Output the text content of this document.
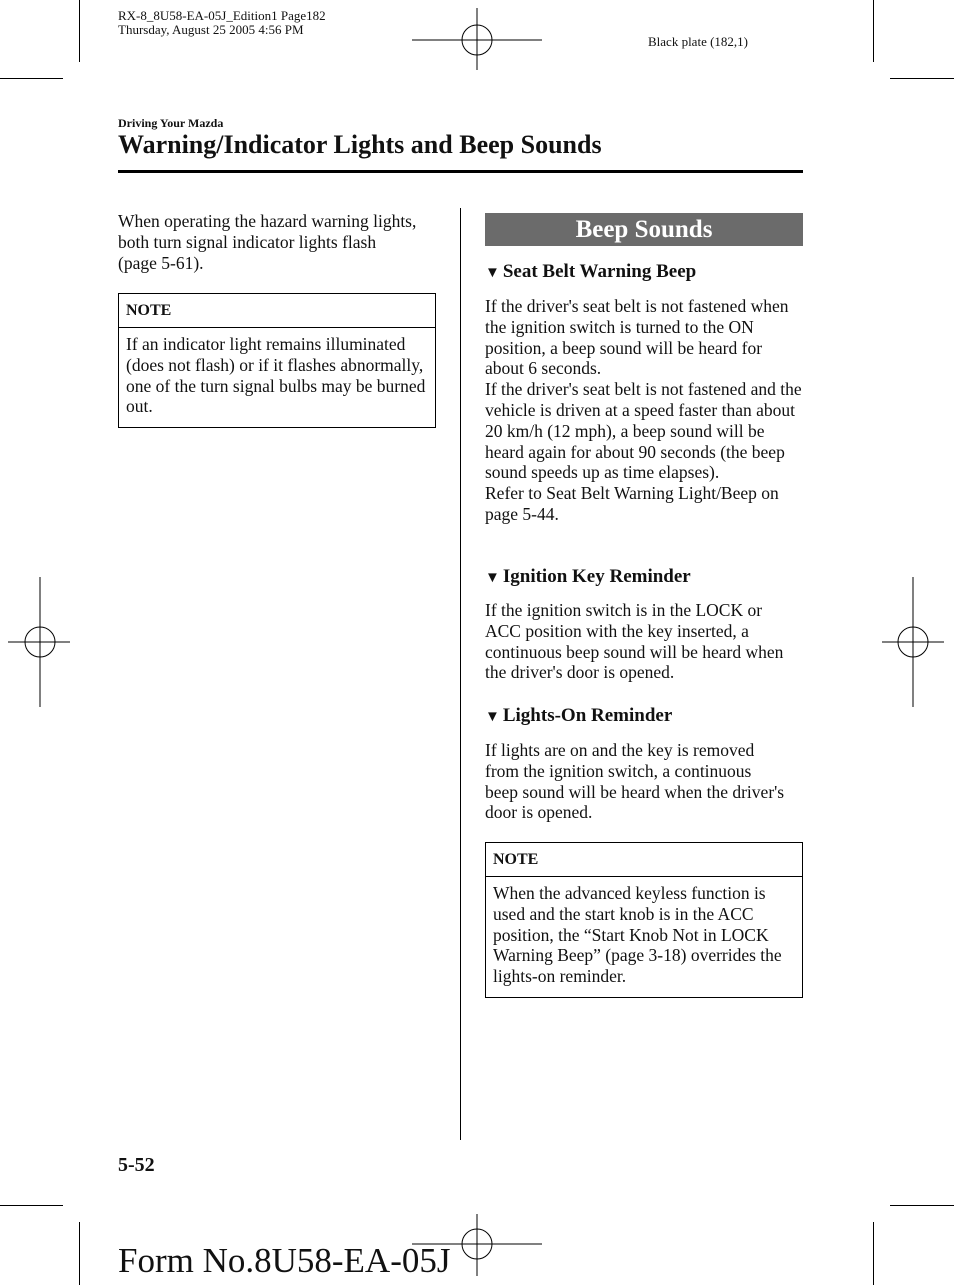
RX-8_8U58-EA-05J_Edition1 Page182
Thursday, August 25 2005 4:56 PM
Black plate (182,1)
Driving Your Mazda
Warning/Indicator Lights and Beep Sounds

When operating the hazard warning lights, both turn signal indicator lights flash (page 5-61).

NOTE
If an indicator light remains illuminated (does not flash) or if it flashes abnormally, one of the turn signal bulbs may be burned out.
Beep Sounds
▼ Seat Belt Warning Beep

If the driver's seat belt is not fastened when the ignition switch is turned to the ON position, a beep sound will be heard for about 6 seconds.

If the driver's seat belt is not fastened and the vehicle is driven at a speed faster than about 20 km/h (12 mph), a beep sound will be heard again for about 90 seconds (the beep sound speeds up as time elapses).

Refer to Seat Belt Warning Light/Beep on page 5-44.

▼ Ignition Key Reminder

If the ignition switch is in the LOCK or ACC position with the key inserted, a continuous beep sound will be heard when the driver's door is opened.

▼ Lights-On Reminder

If lights are on and the key is removed from the ignition switch, a continuous beep sound will be heard when the driver's door is opened.

NOTE
When the advanced keyless function is used and the start knob is in the ACC position, the “Start Knob Not in LOCK Warning Beep” (page 3-18) overrides the lights-on reminder.
5-52
Form No.8U58-EA-05J
